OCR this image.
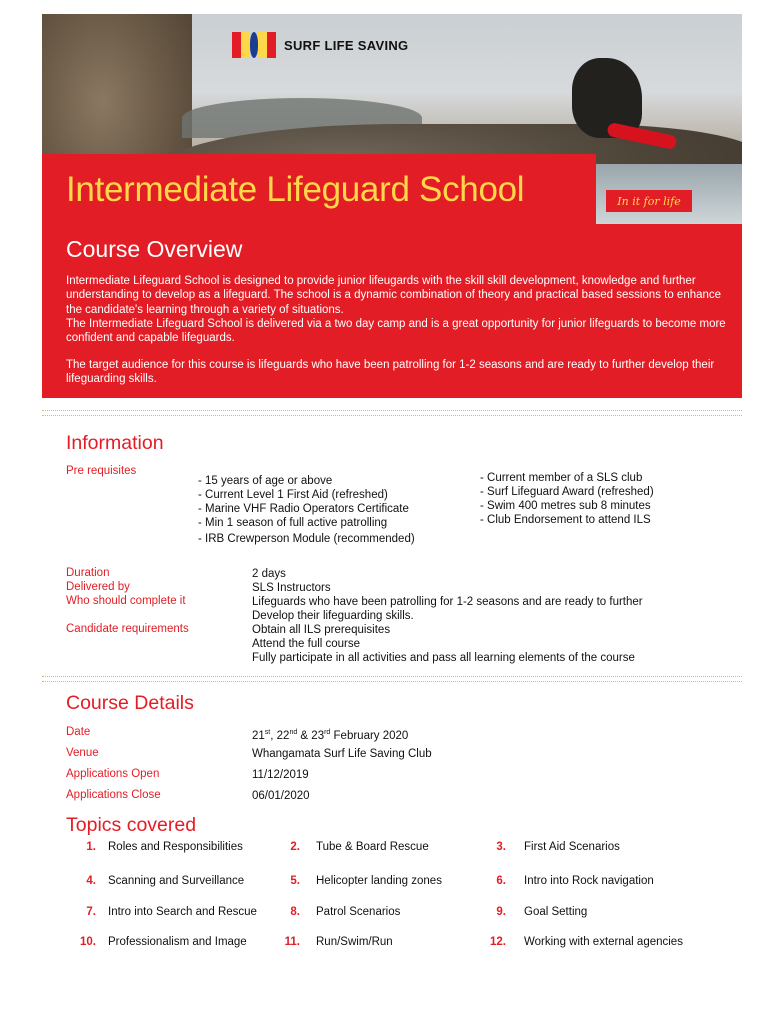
SURF LIFE SAVING
Intermediate Lifeguard School
Course Overview

Intermediate Lifeguard School is designed to provide junior lifeugards with the skill skill development, knowledge and further understanding to develop as a lifeguard. The school is a dynamic combination of theory and practical based sessions to enhance the candidate's learning through a variety of situations.
The Intermediate Lifeguard School is delivered via a two day camp and is a great opportunity for junior lifeguards to become more confident and capable lifeguards.

The target audience for this course is lifeguards who have been patrolling for 1-2 seasons and are ready to further develop their lifeguarding skills.

In it for life
Information
Pre requisites
- 15 years of age or above
- Current Level 1 First Aid (refreshed)
- Marine VHF Radio Operators Certificate
- Min 1 season of full active patrolling
- IRB Crewperson Module (recommended)
- Current member of a SLS club
- Surf Lifeguard Award (refreshed)
- Swim 400 metres sub 8 minutes
- Club Endorsement to attend ILS
Duration	2 days
Delivered by	SLS Instructors
Who should complete it	Lifeguards who have been patrolling for 1-2 seasons and are ready to further
Develop their lifeguarding skills.
Candidate requirements	Obtain all ILS prerequisites
Attend the full course
Fully participate in all activities and pass all learning elements of the course
Course Details
Date	21st, 22nd & 23rd February 2020
Venue	Whangamata Surf Life Saving Club
Applications Open	11/12/2019
Applications Close	06/01/2020
Topics covered
1. Roles and Responsibilities	2. Tube & Board Rescue	3. First Aid Scenarios
4. Scanning and Surveillance	5. Helicopter landing zones	6. Intro into Rock navigation
7. Intro into Search and Rescue	8. Patrol Scenarios	9. Goal Setting
10. Professionalism and Image	11. Run/Swim/Run	12. Working with external agencies
